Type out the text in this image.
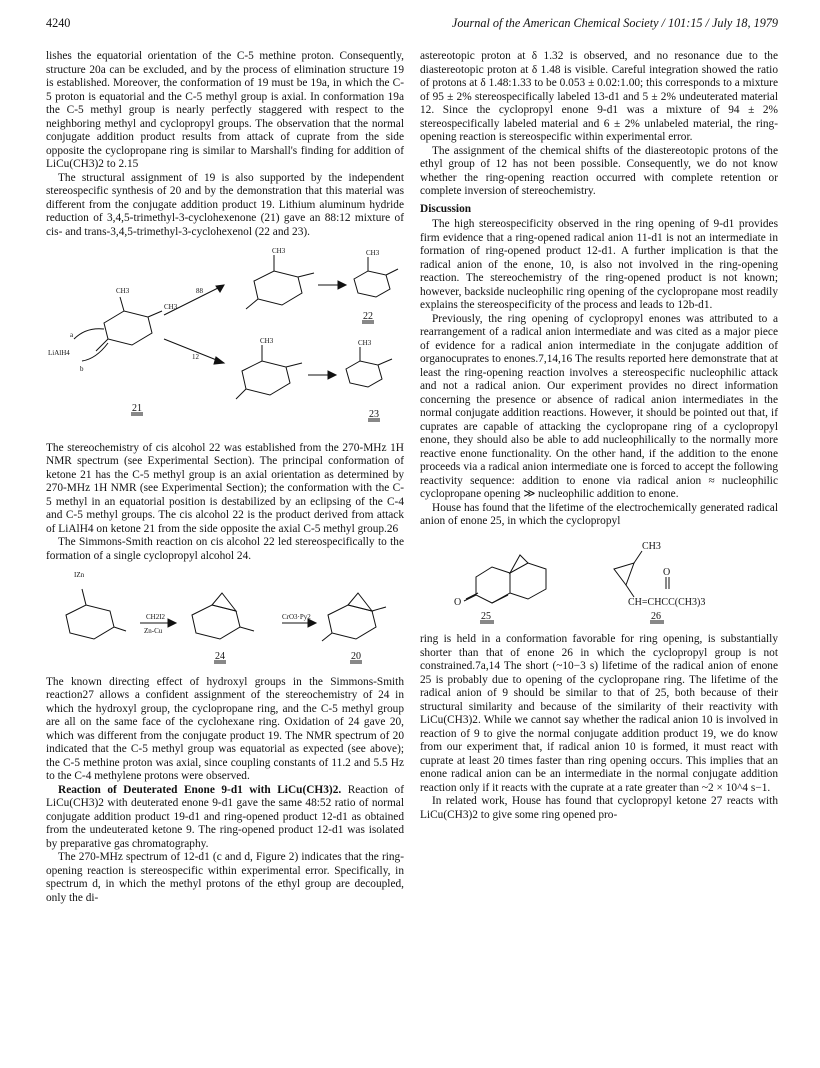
4240	Journal of the American Chemical Society / 101:15 / July 18, 1979

lishes the equatorial orientation of the C-5 methine proton. Consequently, structure 20a can be excluded, and by the process of elimination structure 19 is established. Moreover, the conformation of 19 must be 19a, in which the C-5 proton is equatorial and the C-5 methyl group is axial. In conformation 19a the C-5 methyl group is nearly perfectly staggered with respect to the neighboring methyl and cyclopropyl groups. The observation that the normal conjugate addition product results from attack of cuprate from the side opposite the cyclopropane ring is similar to Marshall's finding for addition of LiCu(CH3)2 to 2.15

The structural assignment of 19 is also supported by the independent stereospecific synthesis of 20 and by the demonstration that this material was different from the conjugate addition product 19. Lithium aluminum hydride reduction of 3,4,5-trimethyl-3-cyclohexenone (21) gave an 88:12 mixture of cis- and trans-3,4,5-trimethyl-3-cyclohexenol (22 and 23).

LiAlH4
a
b
88
12
CH3
CH3
CH3	CH3
CH3	CH3
21
22
23

The stereochemistry of cis alcohol 22 was established from the 270-MHz 1H NMR spectrum (see Experimental Section). The principal conformation of ketone 21 has the C-5 methyl group is an axial orientation as determined by 270-MHz 1H NMR (see Experimental Section); the conformation with the C-5 methyl in an equatorial position is destabilized by an eclipsing of the C-4 and C-5 methyl groups. The cis alcohol 22 is the product derived from attack of LiAlH4 on ketone 21 from the side opposite the axial C-5 methyl group.26

The Simmons-Smith reaction on cis alcohol 22 led stereospecifically to the formation of a single cyclopropyl alcohol 24.

IZn
CH2I2
Zn-Cu
CrO3·Py2
24	20

The known directing effect of hydroxyl groups in the Simmons-Smith reaction27 allows a confident assignment of the stereochemistry of 24 in which the hydroxyl group, the cyclopropane ring, and the C-5 methyl group are all on the same face of the cyclohexane ring. Oxidation of 24 gave 20, which was different from the conjugate product 19. The NMR spectrum of 20 indicated that the C-5 methyl group was equatorial as expected (see above); the C-5 methine proton was axial, since coupling constants of 11.2 and 5.5 Hz to the C-4 methylene protons were observed.

Reaction of Deuterated Enone 9-d1 with LiCu(CH3)2. Reaction of LiCu(CH3)2 with deuterated enone 9-d1 gave the same 48:52 ratio of normal conjugate addition product 19-d1 and ring-opened product 12-d1 as obtained from the undeuterated ketone 9. The ring-opened product 12-d1 was isolated by preparative gas chromatography.

The 270-MHz spectrum of 12-d1 (c and d, Figure 2) indicates that the ring-opening reaction is stereospecific within experimental error. Specifically, in spectrum d, in which the methyl protons of the ethyl group are decoupled, only the di-

astereotopic proton at δ 1.32 is observed, and no resonance due to the diastereotopic proton at δ 1.48 is visible. Careful integration showed the ratio of protons at δ 1.48:1.33 to be 0.053 ± 0.02:1.00; this corresponds to a mixture of 95 ± 2% stereospecifically labeled 13-d1 and 5 ± 2% undeuterated material 12. Since the cyclopropyl enone 9-d1 was a mixture of 94 ± 2% stereospecifically labeled material and 6 ± 2% unlabeled material, the ring-opening reaction is stereospecific within experimental error.

The assignment of the chemical shifts of the diastereotopic protons of the ethyl group of 12 has not been possible. Consequently, we do not know whether the ring-opening reaction occurred with complete retention or complete inversion of stereochemistry.

Discussion

The high stereospecificity observed in the ring opening of 9-d1 provides firm evidence that a ring-opened radical anion 11-d1 is not an intermediate in formation of ring-opened product 12-d1. A further implication is that the radical anion of the enone, 10, is also not involved in the ring-opening reaction. The stereochemistry of the ring-opened product is not known; however, backside nucleophilic ring opening of the cyclopropane most readily explains the stereospecificity of the process and leads to 12b-d1.

Previously, the ring opening of cyclopropyl enones was attributed to a rearrangement of a radical anion intermediate and was cited as a major piece of evidence for a radical anion intermediate in the conjugate addition of organocuprates to enones.7,14,16 The results reported here demonstrate that at least the ring-opening reaction involves a stereospecific nucleophilic attack and not a radical anion. Our experiment provides no direct information concerning the presence or absence of radical anion intermediates in the normal conjugate addition reactions. However, it should be pointed out that, if cuprates are capable of attacking the cyclopropane ring of a cyclopropyl enone, they should also be able to add nucleophilically to the normally more reactive enone functionality. On the other hand, if the addition to the enone proceeds via a radical anion intermediate one is forced to accept the following reactivity sequence: addition to enone via radical anion ≈ nucleophilic cyclopropane opening ≫ nucleophilic addition to enone.

House has found that the lifetime of the electrochemically generated radical anion of enone 25, in which the cyclopropyl

O
CH3
O
CH=CHCC(CH3)3
25	26

ring is held in a conformation favorable for ring opening, is substantially shorter than that of enone 26 in which the cyclopropyl group is not constrained.7a,14 The short (~10−3 s) lifetime of the radical anion of enone 25 is probably due to opening of the cyclopropane ring. The lifetime of the radical anion of 9 should be similar to that of 25, both because of their structural similarity and because of the similarity of their reactivity with LiCu(CH3)2. While we cannot say whether the radical anion 10 is involved in reaction of 9 to give the normal conjugate addition product 19, we do know from our experiment that, if radical anion 10 is formed, it must react with cuprate at least 20 times faster than ring opening occurs. This implies that an enone radical anion can be an intermediate in the normal conjugate addition reaction only if it reacts with the cuprate at a rate greater than ~2 × 10^4 s−1.

In related work, House has found that cyclopropyl ketone 27 reacts with LiCu(CH3)2 to give some ring opened pro-
